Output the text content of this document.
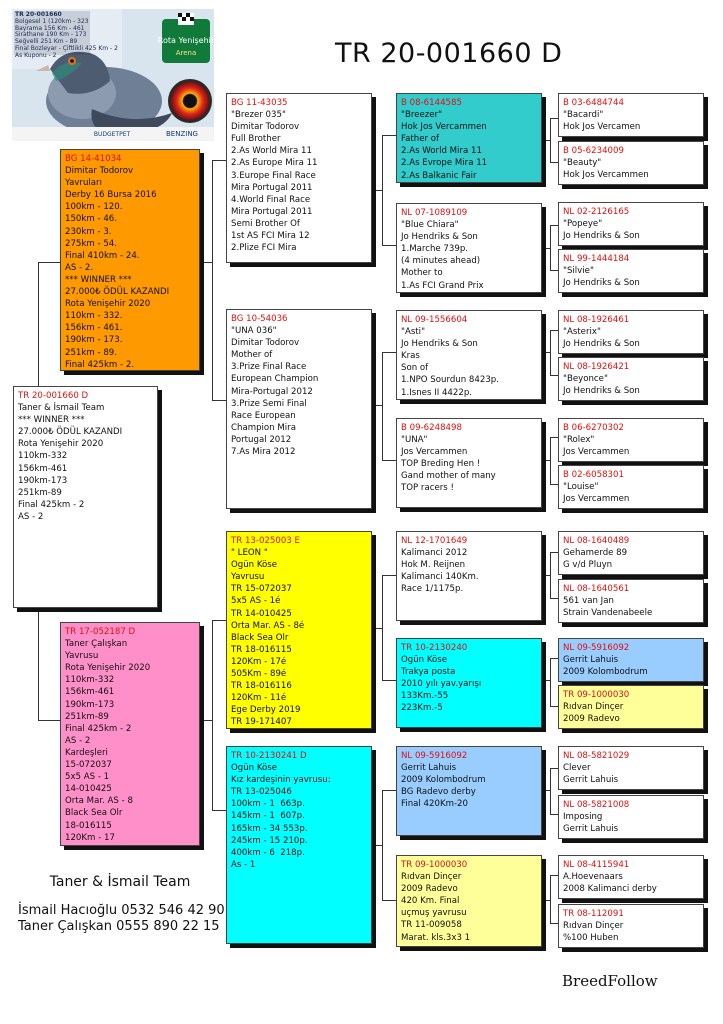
TR 20-001660 D
Rota Yenişehir
Arena
BUDGETPET	BENZING
TR 20-001660
Bolgesel 1 (120km - 323
Bayrama 156 Km - 461
Sirathane 190 Km - 173
Seğvelli 251 Km - 89
Final Bozleyar - Çiftlikli 425 Km - 2
As Kuponu - 2
TR 20-001660 D
Taner & İsmail Team
*** WINNER ***
27.000₺ ÖDÜL KAZANDI
Rota Yenişehir 2020
110km-332
156km-461
190km-173
251km-89
Final 425km - 2
AS - 2
BG 14-41034
Dimitar Todorov
Yavruları
Derby 16 Bursa 2016
100km - 120.
150km - 46.
230km - 3.
275km - 54.
Final 410km - 24.
AS - 2.
*** WINNER ***
27.000₺ ÖDÜL KAZANDI
Rota Yenişehir 2020
110km - 332.
156km - 461.
190km - 173.
251km - 89.
Final 425km - 2.
TR 17-052187 D
Taner Çalışkan
Yavrusu
Rota Yenişehir 2020
110km-332
156km-461
190km-173
251km-89
Final 425km - 2
AS - 2
Kardeşleri
15-072037
5x5 AS - 1
14-010425
Orta Mar. AS - 8
Black Sea Olr
18-016115
120Km - 17
BG 11-43035
"Brezer 035"
Dimitar Todorov
Full Brother
2.As World Mira 11
2.As Europe Mira 11
3.Europe Final Race
Mira Portugal 2011
4.World Final Race
Mira Portugal 2011
Semi Brother Of
1st AS FCI Mira 12
2.Plize FCI Mira
BG 10-54036
"UNA 036"
Dimitar Todorov
Mother of
3.Prize Final Race
European Champion
Mira-Portugal 2012
3.Prize Semi Final
Race European
Champion Mira
Portugal 2012
7.As Mira 2012
TR 13-025003 E
" LEON "
Ogün Köse
Yavrusu
TR 15-072037
5x5 AS - 1é
TR 14-010425
Orta Mar. AS - 8é
Black Sea Olr
TR 18-016115
120Km - 17é
505Km - 89é
TR 18-016116
120Km - 11é
Ege Derby 2019
TR 19-171407
TR 10-2130241 D
Ogün Köse
Kız kardeşinin yavrusu:
TR 13-025046
100km - 1  663p.
145km - 1  607p.
165km - 34 553p.
245km - 15 210p.
400km - 6  218p.
As - 1
B 08-6144585
"Breezer"
Hok Jos Vercammen
Father of
2.As World Mira 11
2.As Evrope Mira 11
2.As Balkanic Fair
NL 07-1089109
"Blue Chiara"
Jo Hendriks & Son
1.Marche 739p.
(4 minutes ahead)
Mother to
1.As FCI Grand Prix
NL 09-1556604
"Asti"
Jo Hendriks & Son
Kras
Son of
1.NPO Sourdun 8423p.
1.Isnes II 4422p.
B 09-6248498
"UNA"
Jos Vercammen
TOP Breding Hen !
Gand mother of many
TOP racers !
NL 12-1701649
Kalimanci 2012
Hok M. Reijnen
Kalimanci 140Km.
Race 1/1175p.
TR 10-2130240
Ogün Köse
Trakya posta
2010 yılı yav.yarışı
133Km.-55
223Km.-5
NL 09-5916092
Gerrit Lahuis
2009 Kolombodrum
BG Radevo derby
Final 420Km-20
TR 09-1000030
Rıdvan Dinçer
2009 Radevo
420 Km. Final
uçmuş yavrusu
TR 11-009058
Marat. kls.3x3 1
B 03-6484744
"Bacardi"
Hok Jos Vercamen
B 05-6234009
"Beauty"
Hok Jos Vercammen
NL 02-2126165
"Popeye"
Jo Hendriks & Son
NL 99-1444184
"Silvie"
Jo Hendriks & Son
NL 08-1926461
"Asterix"
Jo Hendriks & Son
NL 08-1926421
"Beyonce"
Jo Hendriks & Son
B 06-6270302
"Rolex"
Jos Vercammen
B 02-6058301
"Louise"
Jos Vercammen
NL 08-1640489
Gehamerde 89
G v/d Pluyn
NL 08-1640561
561 van Jan
Strain Vandenabeele
NL 09-5916092
Gerrit Lahuis
2009 Kolombodrum
TR 09-1000030
Rıdvan Dinçer
2009 Radevo
NL 08-5821029
Clever
Gerrit Lahuis
NL 08-5821008
Imposing
Gerrit Lahuis
NL 08-4115941
A.Hoevenaars
2008 Kalimanci derby
TR 08-112091
Rıdvan Dinçer
%100 Huben
Taner & İsmail Team
İsmail Hacıoğlu 0532 546 42 90
Taner Çalışkan 0555 890 22 15
BreedFollow
